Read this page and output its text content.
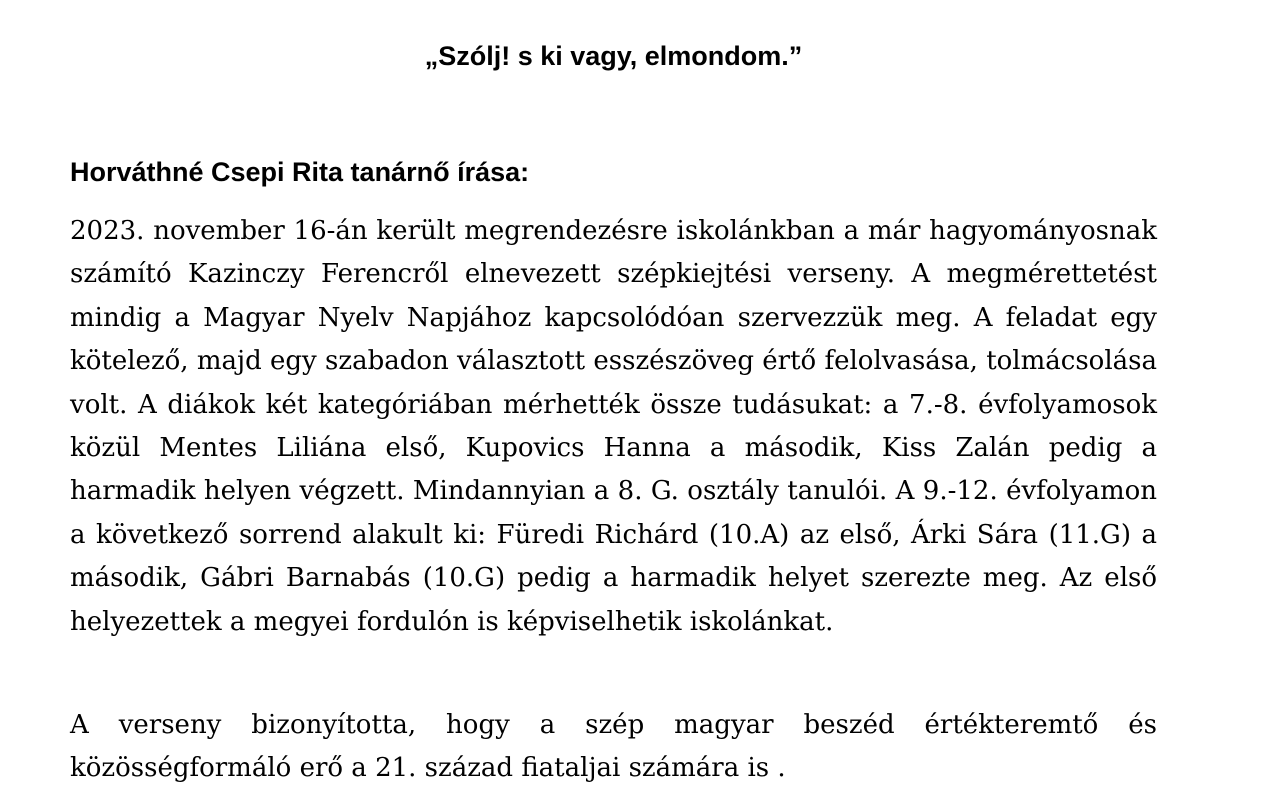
„Szólj! s ki vagy, elmondom.”
Horváthné Csepi Rita tanárnő írása:

2023. november 16-án került megrendezésre iskolánkban a már hagyományosnak számító Kazinczy Ferencről elnevezett szépkiejtési verseny. A megmérettetést mindig a Magyar Nyelv Napjához kapcsolódóan szervezzük meg. A feladat egy kötelező, majd egy szabadon választott esszészöveg értő felolvasása, tolmácsolása volt. A diákok két kategóriában mérhették össze tudásukat: a 7.-8. évfolyamosok közül Mentes Liliána első, Kupovics Hanna a második, Kiss Zalán pedig a harmadik helyen végzett. Mindannyian a 8. G. osztály tanulói. A 9.-12. évfolyamon a következő sorrend alakult ki: Füredi Richárd (10.A) az első, Árki Sára (11.G) a második, Gábri Barnabás (10.G) pedig a harmadik helyet szerezte meg. Az első helyezettek a megyei fordulón is képviselhetik iskolánkat.

A verseny bizonyította, hogy a szép magyar beszéd értékteremtő és közösségformáló erő a 21. század fiataljai számára is .
